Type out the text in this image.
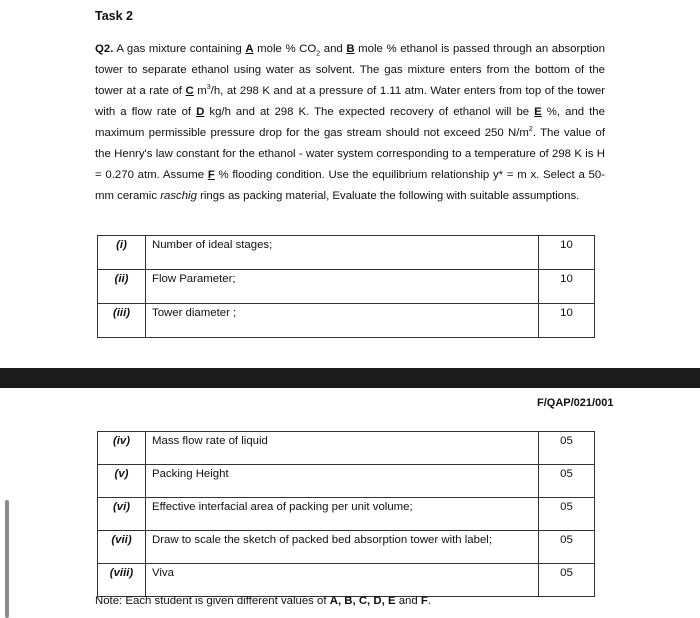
Task 2
Q2. A gas mixture containing A mole % $CO_2$ and B mole % ethanol is passed through an absorption tower to separate ethanol using water as solvent. The gas mixture enters from the bottom of the tower at a rate of C $m^3/h$, at 298 K and at a pressure of 1.11 atm. Water enters from top of the tower with a flow rate of D kg/h and at 298 K. The expected recovery of ethanol will be E %, and the maximum permissible pressure drop for the gas stream should not exceed 250 $N/m^2$. The value of the Henry's law constant for the ethanol - water system corresponding to a temperature of 298 K is H = 0.270 atm. Assume F % flooding condition. Use the equilibrium relationship y* = m x. Select a 50-mm ceramic raschig rings as packing material, Evaluate the following with suitable assumptions.
(i)	Number of ideal stages;	10
(ii)	Flow Parameter;	10
(iii)	Tower diameter ;	10
F/QAP/021/001
(iv)	Mass flow rate of liquid	05
(v)	Packing Height	05
(vi)	Effective interfacial area of packing per unit volume;	05
(vii)	Draw to scale the sketch of packed bed absorption tower with label;	05
(viii)	Viva	05
Note: Each student is given different values of A, B, C, D, E and F.
